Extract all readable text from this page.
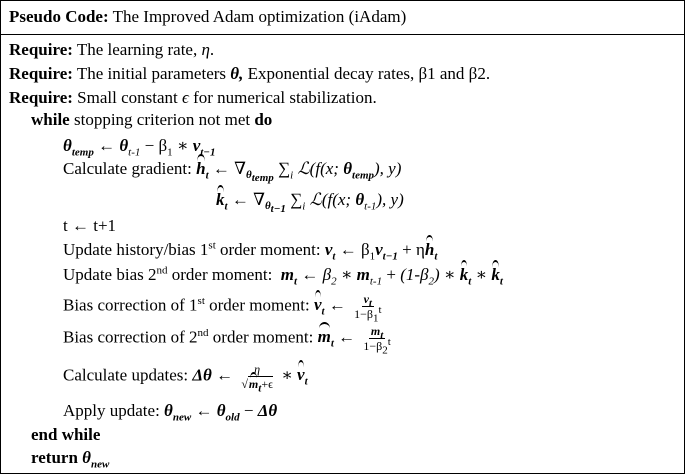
Pseudo Code: The Improved Adam optimization (iAdam)
Require: The learning rate, η.
Require: The initial parameters θ, Exponential decay rates, β1 and β2.
Require: Small constant ϵ for numerical stabilization.
while stopping criterion not met do
$\theta_{temp}$ ← $\theta_{t-1} - \beta_1$ ∗ $v_{t-1}$
Calculate gradient: $h_t$ ← $\nabla_{\theta_{temp}}$ $\sum_i$ ℒ(f(x; $\theta_{temp}$), y)
$k_t$ ← $\nabla_{\theta_{t-1}}$ $\sum_i$ ℒ(f(x; $\theta_{t-1}$), y)
t ← t+1
Update history/bias 1st order moment: $v_t$ ← $\beta_1v_{t-1} + \eta h_t$
Update bias 2nd order moment:  $m_t$ ← $\beta_2$ ∗ $m_{t-1} + (1-\beta_2)$ ∗ $k_t$ ∗ $k_t$
Bias correction of 1st order moment: $v_t$ ← $\frac{v_t}{1-\beta_1^t}$
Bias correction of 2nd order moment: $m_t$ ← $\frac{m_t}{1-\beta_2^t}$
Calculate updates: Δθ ← $\frac{\eta}{√m_t+\epsilon}$ ∗ $v_t$
Apply update: $\theta_{new}$ ← $\theta_{old} - \Delta\theta$
end while
return $\theta_{new}$
